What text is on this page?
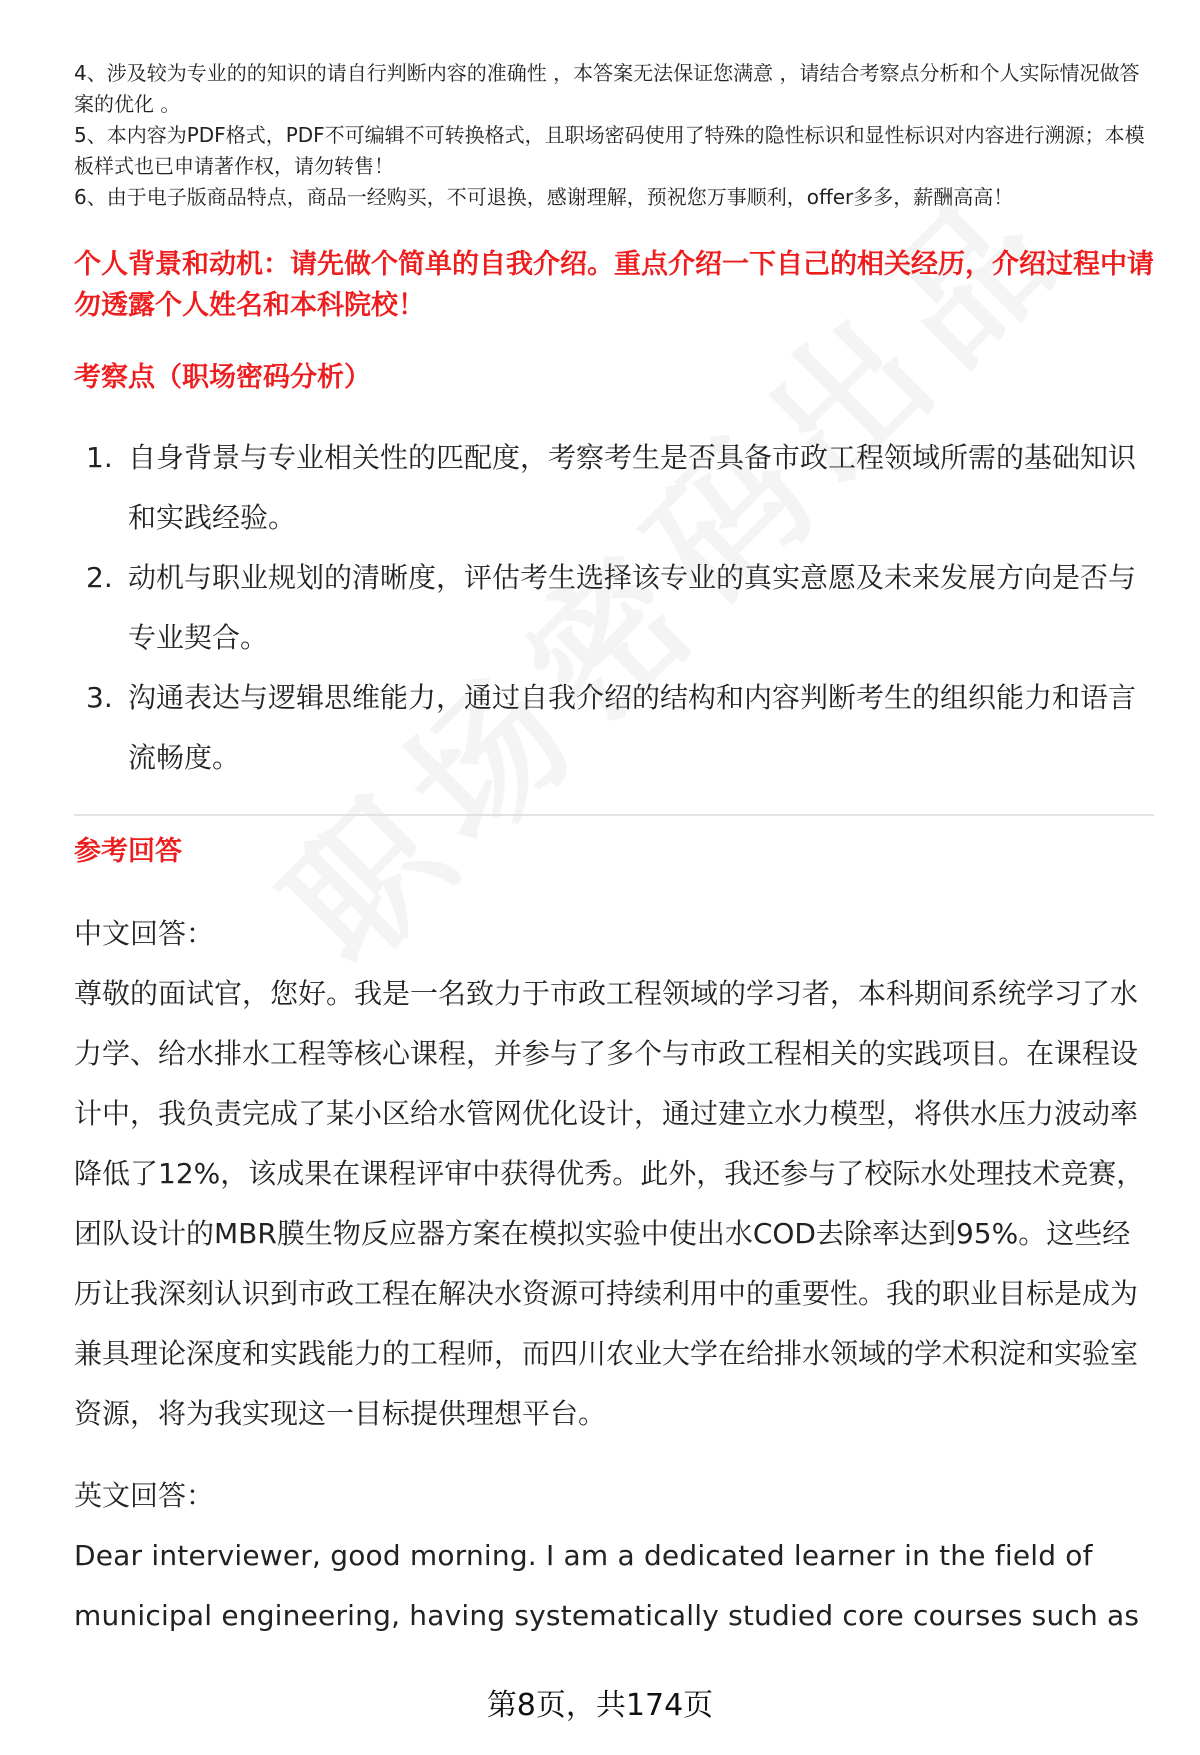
4、涉及较为专业的的知识的请自行判断内容的准确性 ，本答案无法保证您满意 ，请结合考察点分析和个人实际情况做答案的优化 。

5、本内容为PDF格式，PDF不可编辑不可转换格式，且职场密码使用了特殊的隐性标识和显性标识对内容进行溯源；本模板样式也已申请著作权，请勿转售！

6、由于电子版商品特点，商品一经购买，不可退换，感谢理解，预祝您万事顺利，offer多多，薪酬高高！

个人背景和动机：请先做个简单的自我介绍。重点介绍一下自己的相关经历，介绍过程中请勿透露个人姓名和本科院校！
考察点（职场密码分析）
1. 自身背景与专业相关性的匹配度，考察考生是否具备市政工程领域所需的基础知识和实践经验。
2. 动机与职业规划的清晰度，评估考生选择该专业的真实意愿及未来发展方向是否与专业契合。
3. 沟通表达与逻辑思维能力，通过自我介绍的结构和内容判断考生的组织能力和语言流畅度。
参考回答

中文回答：

尊敬的面试官，您好。我是一名致力于市政工程领域的学习者，本科期间系统学习了水力学、给水排水工程等核心课程，并参与了多个与市政工程相关的实践项目。在课程设计中，我负责完成了某小区给水管网优化设计，通过建立水力模型，将供水压力波动率降低了12%，该成果在课程评审中获得优秀。此外，我还参与了校际水处理技术竞赛，团队设计的MBR膜生物反应器方案在模拟实验中使出水COD去除率达到95%。这些经历让我深刻认识到市政工程在解决水资源可持续利用中的重要性。我的职业目标是成为兼具理论深度和实践能力的工程师，而四川农业大学在给排水领域的学术积淀和实验室资源，将为我实现这一目标提供理想平台。

英文回答：

Dear interviewer, good morning. I am a dedicated learner in the field of municipal engineering, having systematically studied core courses such as

第8页，共174页
